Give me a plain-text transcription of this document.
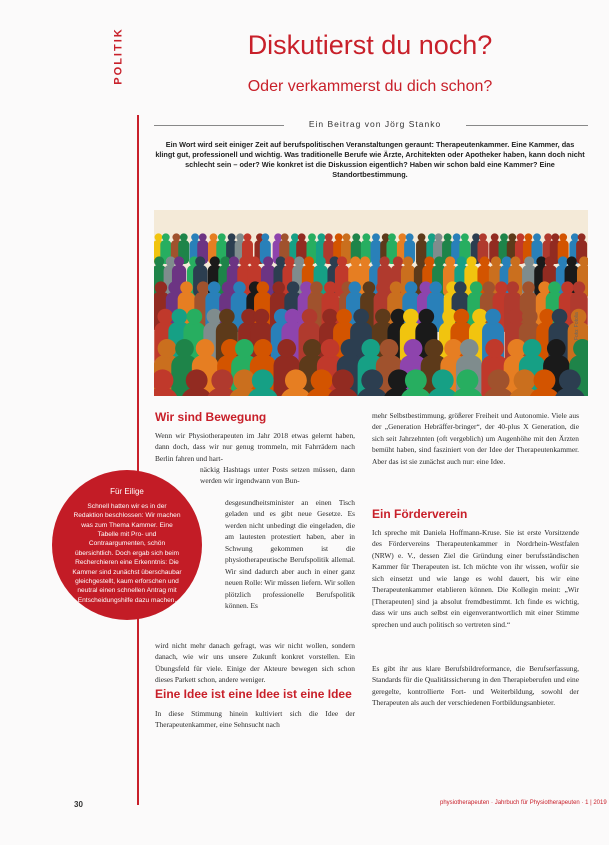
POLITIK	Diskutierst du noch?
Oder verkammerst du dich schon?
Ein Beitrag von Jörg Stanko
Ein Wort wird seit einiger Zeit auf berufspolitischen Veranstaltungen geraunt: Therapeutenkammer. Eine Kammer, das klingt gut, professionell und wichtig. Was traditionelle Berufe wie Ärzte, Architekten oder Apotheker haben, kann doch nicht schlecht sein – oder? Wie konkret ist die Diskussion eigentlich? Haben wir schon bald eine Kammer? Eine Standortbestimmung.
Foto: Fotolia
Wir sind Bewegung
Wenn wir Physiotherapeuten im Jahr 2018 etwas gelernt haben, dann doch, dass wir nur genug trommeln, mit Fahrrädern nach Berlin fahren und hart-
näckig Hashtags unter Posts setzen müssen, dann werden wir irgendwann von Bun-
desgesundheitsminister an einen Tisch geladen und es gibt neue Gesetze. Es werden nicht unbedingt die eingeladen, die am lautesten protestiert haben, aber in Schwung gekommen ist die physiotherapeutische Berufspolitik allemal. Wir sind dadurch aber auch in einer ganz neuen Rolle: Wir müssen liefern. Wir sollen plötzlich professionelle Berufspolitik können. Es
wird nicht mehr danach gefragt, was wir nicht wollen, sondern danach, wie wir uns unsere Zukunft konkret vorstellen. Ein Übungsfeld für viele. Einige der Akteure bewegen sich schon dieses Parkett schon, andere weniger.
Eine Idee ist eine Idee ist eine Idee
In diese Stimmung hinein kultiviert sich die Idee der Therapeutenkammer, eine Sehnsucht nach
mehr Selbstbestimmung, größerer Freiheit und Autonomie. Viele aus der „Generation Hebräffer-bringer“, der 40-plus X Generation, die sich seit Jahrzehnten (oft vergeblich) um Augenhöhe mit den Ärzten bemüht haben, sind fasziniert von der Idee der Therapeutenkammer. Aber das ist sie zunächst auch nur: eine Idee.
Ein Förderverein
Ich spreche mit Daniela Hoffmann-Kruse. Sie ist erste Vorsitzende des Fördervereins Therapeutenkammer in Nordrhein-Westfalen (NRW) e. V., dessen Ziel die Gründung einer berufsständischen Kammer für Therapeuten ist. Ich möchte von ihr wissen, wofür sie sich einsetzt und wie lange es wohl dauert, bis wir eine Therapeutenkammer etablieren können. Die Kollegin meint: „Wir [Therapeuten] sind ja absolut fremdbestimmt. Ich finde es wichtig, dass wir uns auch selbst ein eigenverantwortlich mit einer Stimme sprechen und auch politisch so vertreten sind.“
Es gibt ihr aus klare Berufsbildreformance, die Berufserfassung, Standards für die Qualitätssicherung in den Therapieberufen und eine geregelte, kontrollierte Fort- und Weiterbildung, sowohl der Therapeuten als auch der verschiedenen Fortbildungsanbieter.
Für Eilige
Schnell hatten wir es in der Redaktion beschlossen: Wir machen was zum Thema Kammer. Eine Tabelle mit Pro- und Contraargumenten, schön übersichtlich. Doch ergab sich beim Recherchieren eine Erkenntnis: Die Kammer sind zunächst überschaubar gleichgestellt, kaum erforschen und neutral einen schnellen Antrag mit Entscheidungshilfe dazu machen.
30	physiotherapeuten · Jahrbuch für Physiotherapeuten · 1 | 2019
